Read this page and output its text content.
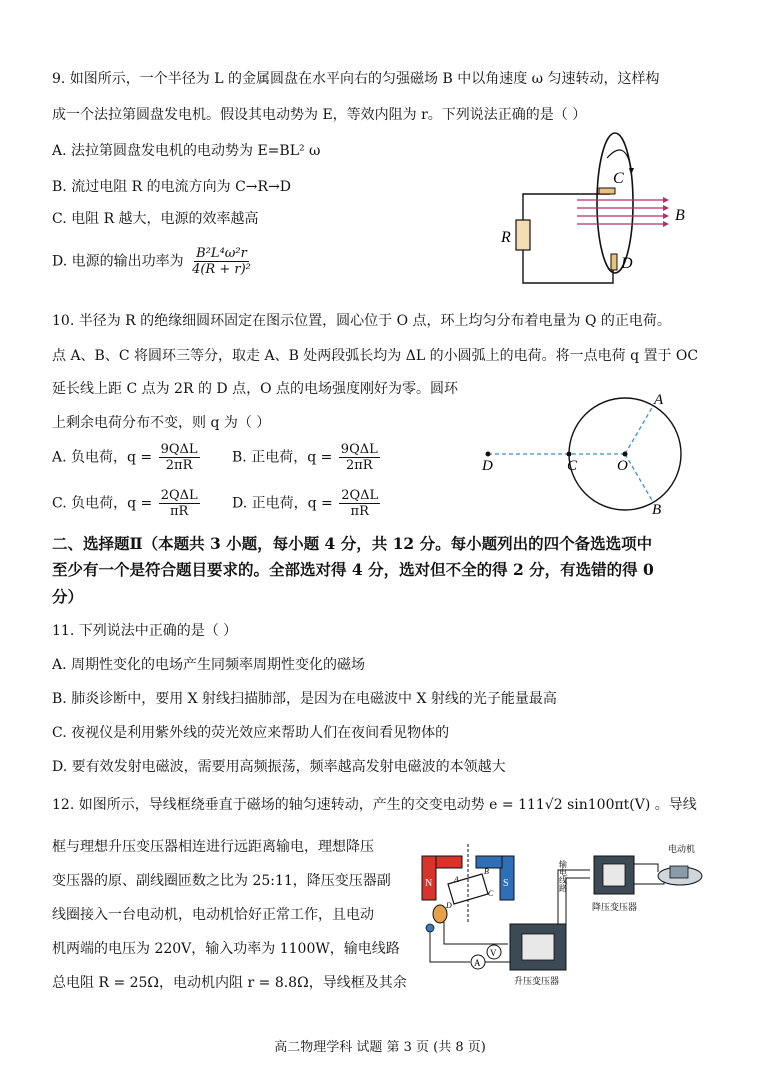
9. 如图所示，一个半径为 L 的金属圆盘在水平向右的匀强磁场 B 中以角速度 ω 匀速转动，这样构
成一个法拉第圆盘发电机。假设其电动势为 E，等效内阻为 r。下列说法正确的是（ ）
A. 法拉第圆盘发电机的电动势为 E=BL² ω
B. 流过电阻 R 的电流方向为 C→R→D
C. 电阻 R 越大，电源的效率越高
D. 电源的输出功率为 $\frac{\text{B²L⁴ω²r}}{\text{4(R + r)²}}$
R
C
D
B
10. 半径为 R 的绝缘细圆环固定在图示位置，圆心位于 O 点，环上均匀分布着电量为 Q 的正电荷。
点 A、B、C 将圆环三等分，取走 A、B 处两段弧长均为 ΔL 的小圆弧上的电荷。将一点电荷 q 置于 OC
延长线上距 C 点为 2R 的 D 点，O 点的电场强度刚好为零。圆环
上剩余电荷分布不变，则 q 为（ ）
A. 负电荷，$q = \frac{\text{9QΔL}}{2\pi R} B$. 正电荷，$q = \frac{\text{9QΔL}}{2\pi R}$
C. 负电荷，$q = \frac{\text{2QΔL}}{\pi R} D$. 正电荷，$q = \frac{\text{2QΔL}}{\pi R}$
D	C	O
A
B
二、选择题Ⅱ（本题共 3 小题，每小题 4 分，共 12 分。每小题列出的四个备选选项中
至少有一个是符合题目要求的。全部选对得 4 分，选对但不全的得 2 分，有选错的得 0
分）
11. 下列说法中正确的是（ ）
A. 周期性变化的电场产生同频率周期性变化的磁场
B. 肺炎诊断中，要用 X 射线扫描肺部，是因为在电磁波中 X 射线的光子能量最高
C. 夜视仪是利用紫外线的荧光效应来帮助人们在夜间看见物体的
D. 要有效发射电磁波，需要用高频振荡，频率越高发射电磁波的本领越大
12. 如图所示，导线框绕垂直于磁场的轴匀速转动，产生的交变电动势 e = 111√2 sin100πt(V) 。导线
框与理想升压变压器相连进行远距离输电，理想降压
变压器的原、副线圈匝数之比为 25:11，降压变压器副
线圈接入一台电动机，电动机恰好正常工作，且电动
机两端的电压为 220V，输入功率为 1100W，输电线路
总电阻 R = 25Ω，电动机内阻 r = 8.8Ω，导线框及其余
N	S
A
B
C
D
A
V
升压变压器
输电线路
降压变压器
电动机
高二物理学科 试题 第 3 页 (共 8 页)
